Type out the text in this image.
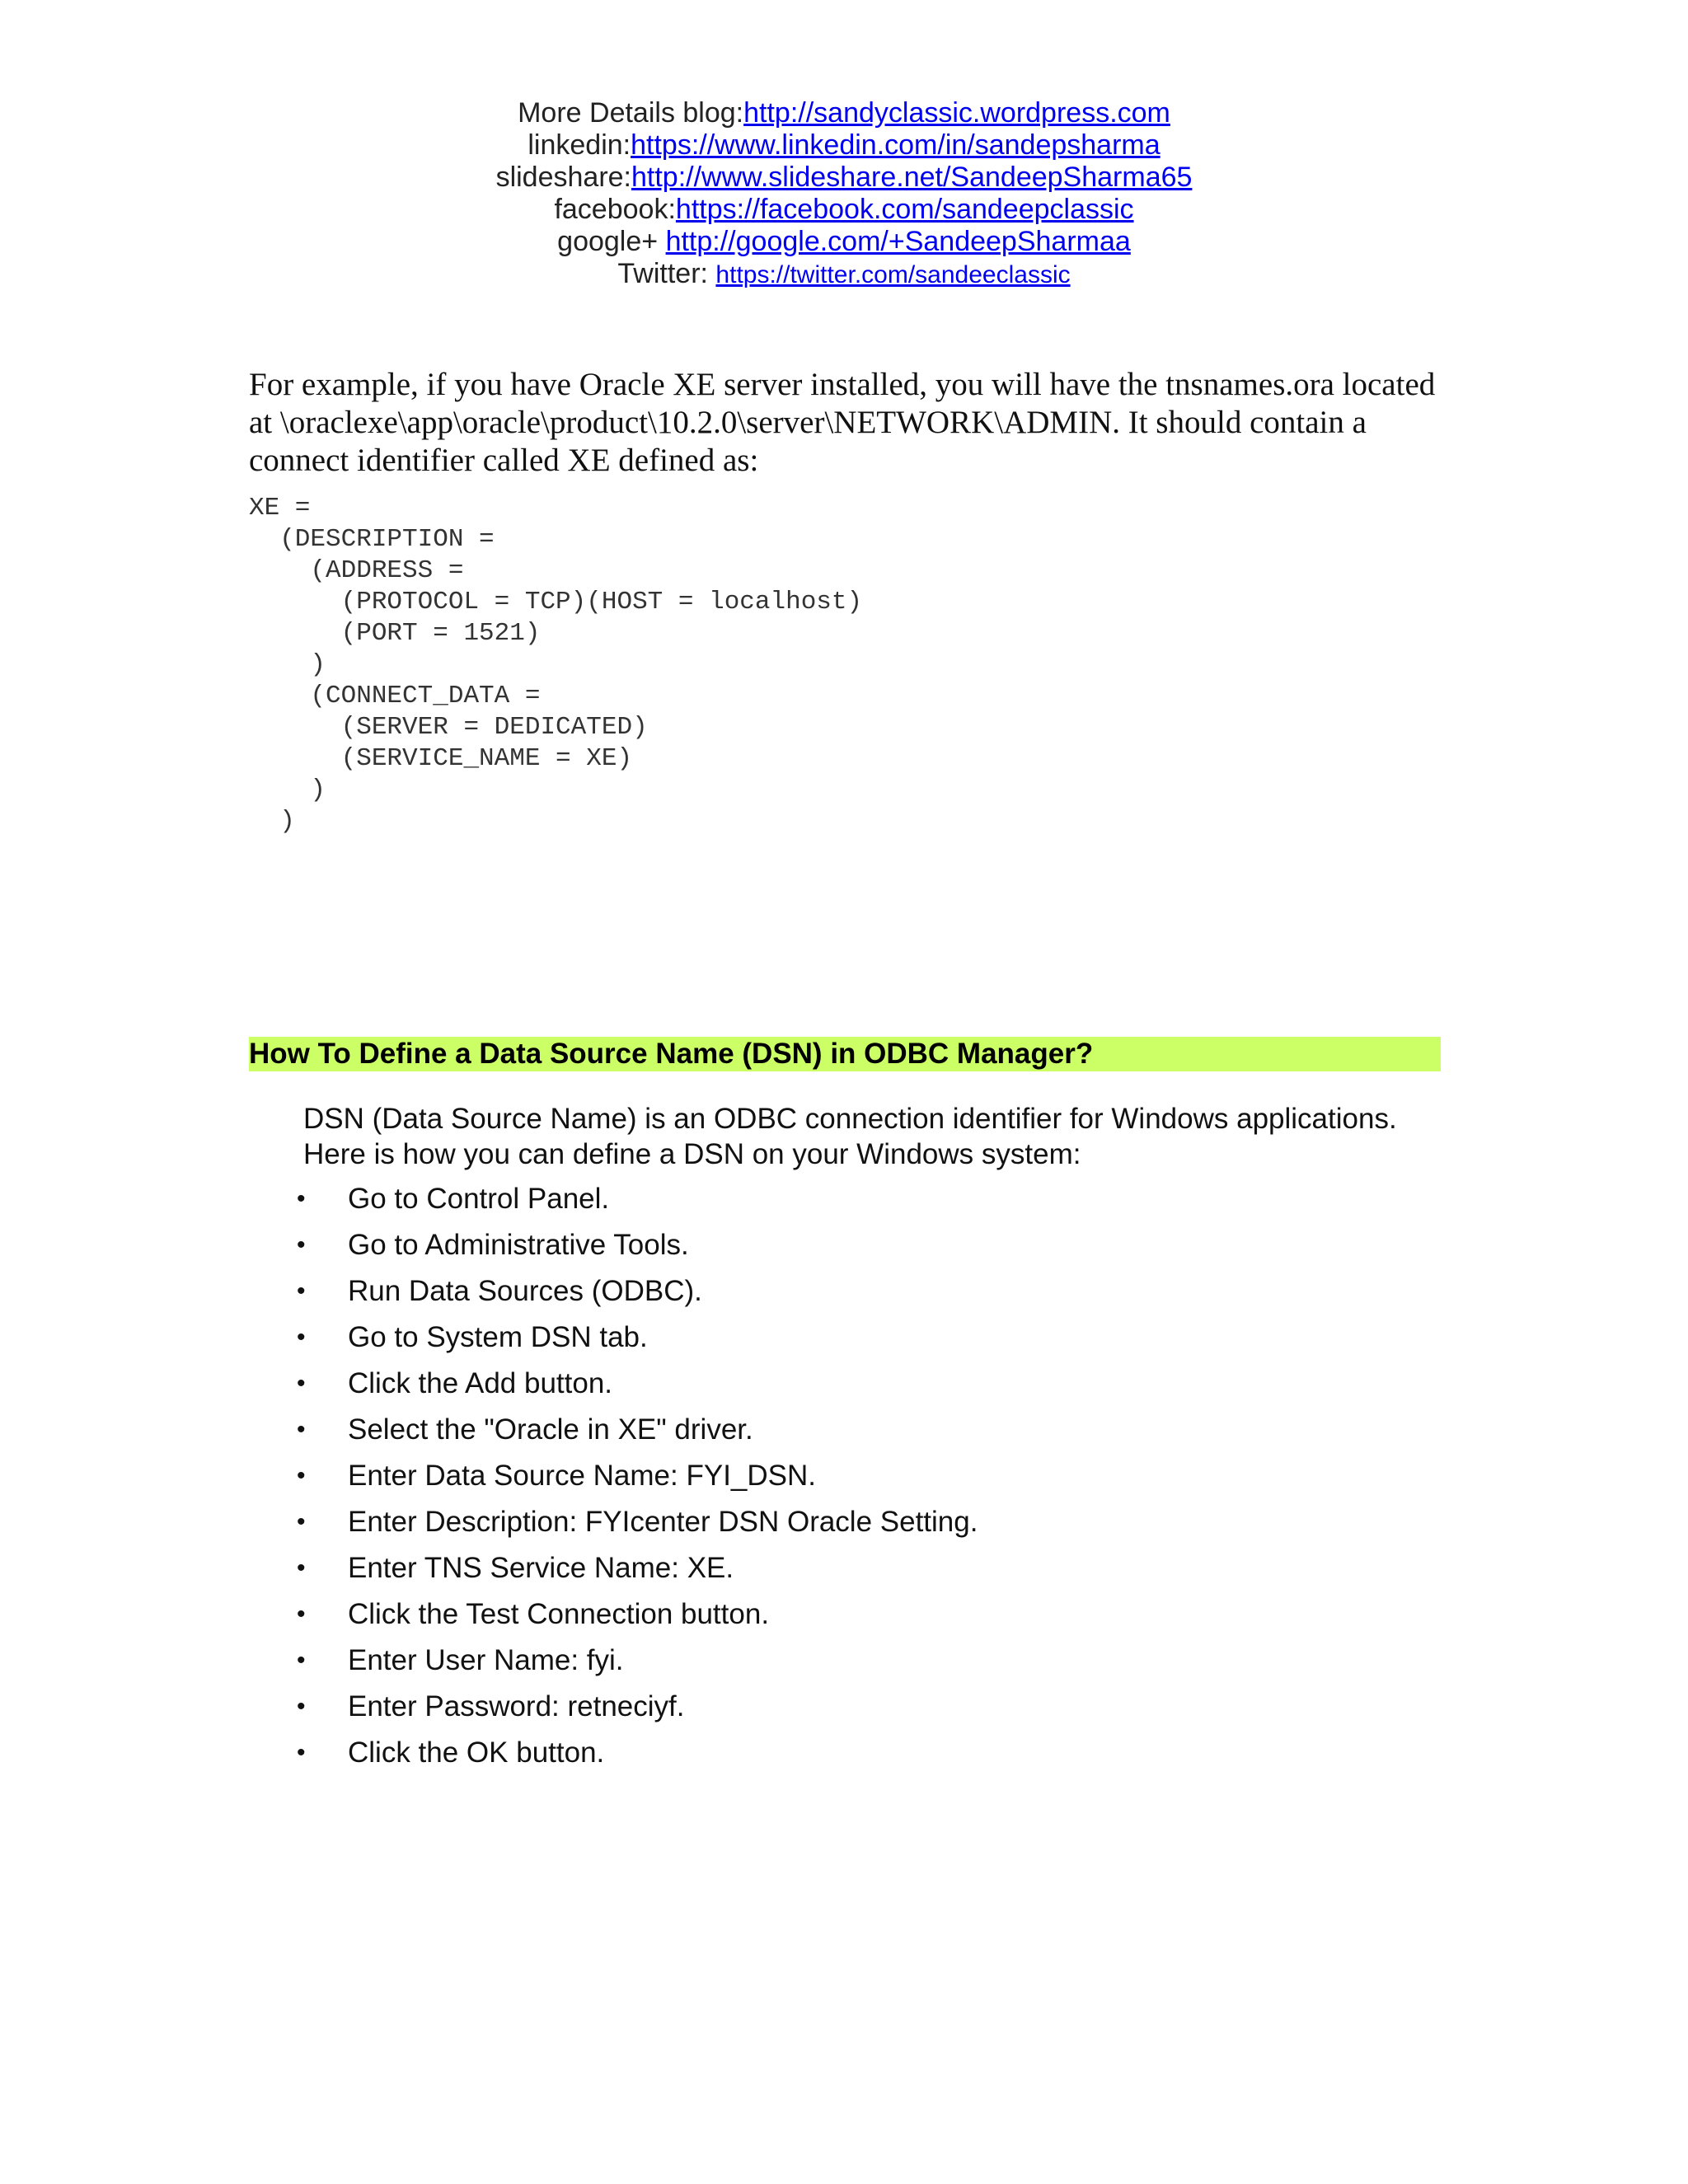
More Details blog:http://sandyclassic.wordpress.com
linkedin:https://www.linkedin.com/in/sandepsharma
slideshare:http://www.slideshare.net/SandeepSharma65
facebook:https://facebook.com/sandeepclassic
google+ http://google.com/+SandeepSharmaa
Twitter: https://twitter.com/sandeeclassic

For example, if you have Oracle XE server installed, you will have the tnsnames.ora located at \oraclexe\app\oracle\product\10.2.0\server\NETWORK\ADMIN. It should contain a connect identifier called XE defined as:

XE =
(DESCRIPTION =
(ADDRESS =
(PROTOCOL = TCP)(HOST = localhost)
(PORT = 1521)
)
(CONNECT_DATA =
(SERVER = DEDICATED)
(SERVICE_NAME = XE)
)
)
How To Define a Data Source Name (DSN) in ODBC Manager?

DSN (Data Source Name) is an ODBC connection identifier for Windows applications. Here is how you can define a DSN on your Windows system:

• Go to Control Panel.
• Go to Administrative Tools.
• Run Data Sources (ODBC).
• Go to System DSN tab.
• Click the Add button.
• Select the "Oracle in XE" driver.
• Enter Data Source Name: FYI_DSN.
• Enter Description: FYIcenter DSN Oracle Setting.
• Enter TNS Service Name: XE.
• Click the Test Connection button.
• Enter User Name: fyi.
• Enter Password: retneciyf.
• Click the OK button.
